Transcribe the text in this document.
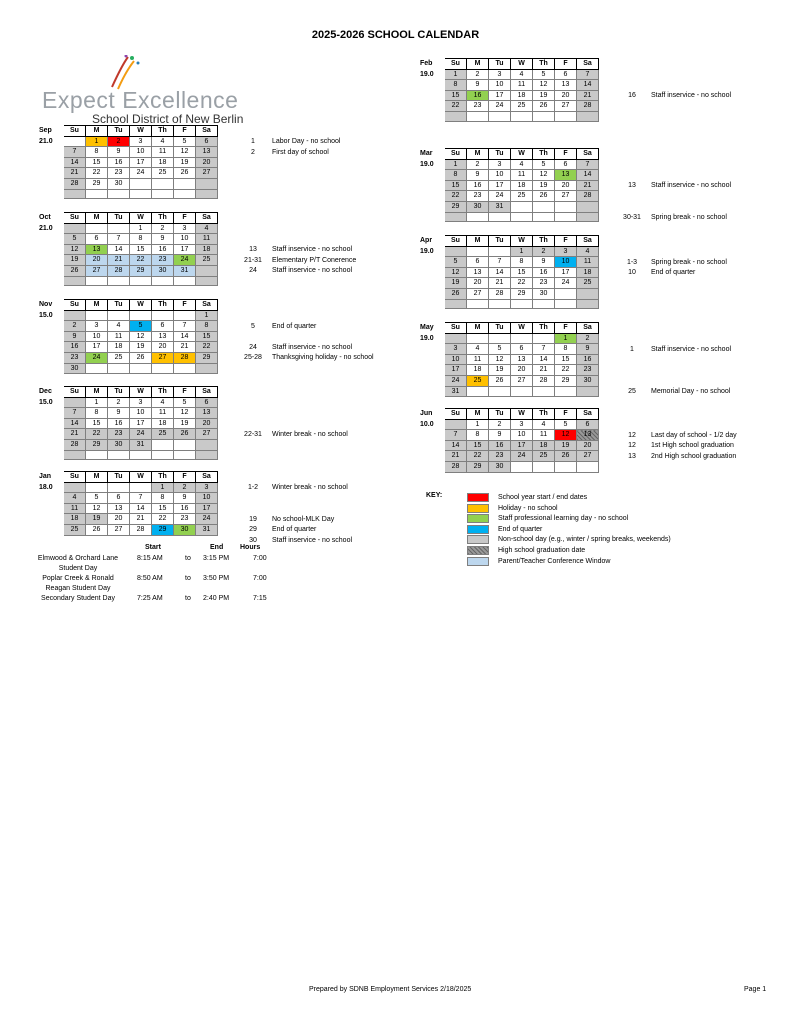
2025-2026 SCHOOL CALENDAR
Expect Excellence
School District of New Berlin
KEY:	School year start / end dates
Holiday - no school
Staff professional learning day - no school
End of quarter
Non-school day (e.g., winter / spring breaks, weekends)
High school graduation date
Parent/Teacher Conference Window
Start	End Hours
Elmwood & Orchard Lane
Student Day
8:15 AM	to 3:15 PM	7:00
Poplar Creek & Ronald
Reagan Student Day
8:50 AM	to 3:50 PM	7:00
Secondary Student Day	7:25 AM	to 2:40 PM	7:15
Prepared by SDNB Employment Services 2/18/2025	Page 1
Sep	Su	M	Tu	W	Th	F	Sa
21.0		1	2	3	4	5	6
	7	8	9	10	11	12	13
	14	15	16	17	18	19	20
	21	22	23	24	25	26	27
	28	29	30				

1 Labor Day - no school
2 First day of school
Oct	Su	M	Tu	W	Th	F	Sa
21.0				1	2	3	4
	5	6	7	8	9	10	11
	12	13	14	15	16	17	18
	19	20	21	22	23	24	25
	26	27	28	29	30	31	

13 Staff inservice - no school
21-31 Elementary P/T Conerence
24 Staff inservice - no school
Nov	Su	M	Tu	W	Th	F	Sa
15.0							1
	2	3	4	5	6	7	8
	9	10	11	12	13	14	15
	16	17	18	19	20	21	22
	23	24	25	26	27	28	29
	30						
5 End of quarter
24 Staff inservice - no school
25-28 Thanksgiving holiday - no school
Dec	Su	M	Tu	W	Th	F	Sa
15.0		1	2	3	4	5	6
	7	8	9	10	11	12	13
	14	15	16	17	18	19	20
	21	22	23	24	25	26	27
	28	29	30	31			

22-31 Winter break - no school
Jan	Su	M	Tu	W	Th	F	Sa
18.0					1	2	3
	4	5	6	7	8	9	10
	11	12	13	14	15	16	17
	18	19	20	21	22	23	24
	25	26	27	28	29	30	31
1-2 Winter break - no school
19 No school-MLK Day
29 End of quarter
30 Staff inservice - no school
Feb	Su	M	Tu	W	Th	F	Sa
19.0	1	2	3	4	5	6	7
	8	9	10	11	12	13	14
	15	16	17	18	19	20	21
	22	23	24	25	26	27	28

16 Staff inservice - no school
Mar	Su	M	Tu	W	Th	F	Sa
19.0	1	2	3	4	5	6	7
	8	9	10	11	12	13	14
	15	16	17	18	19	20	21
	22	23	24	25	26	27	28
	29	30	31				

13 Staff inservice - no school
30-31 Spring break - no school
Apr	Su	M	Tu	W	Th	F	Sa
19.0				1	2	3	4
	5	6	7	8	9	10	11
	12	13	14	15	16	17	18
	19	20	21	22	23	24	25
	26	27	28	29	30		

1-3 Spring break - no school
10 End of quarter
May	Su	M	Tu	W	Th	F	Sa
19.0						1	2
	3	4	5	6	7	8	9
	10	11	12	13	14	15	16
	17	18	19	20	21	22	23
	24	25	26	27	28	29	30
	31						
1 Staff inservice - no school
25 Memorial Day - no school
Jun	Su	M	Tu	W	Th	F	Sa
10.0		1	2	3	4	5	6
	7	8	9	10	11	12	13
	14	15	16	17	18	19	20
	21	22	23	24	25	26	27
	28	29	30				
12 Last day of school - 1/2 day
12 1st High school graduation
13 2nd High school graduation
